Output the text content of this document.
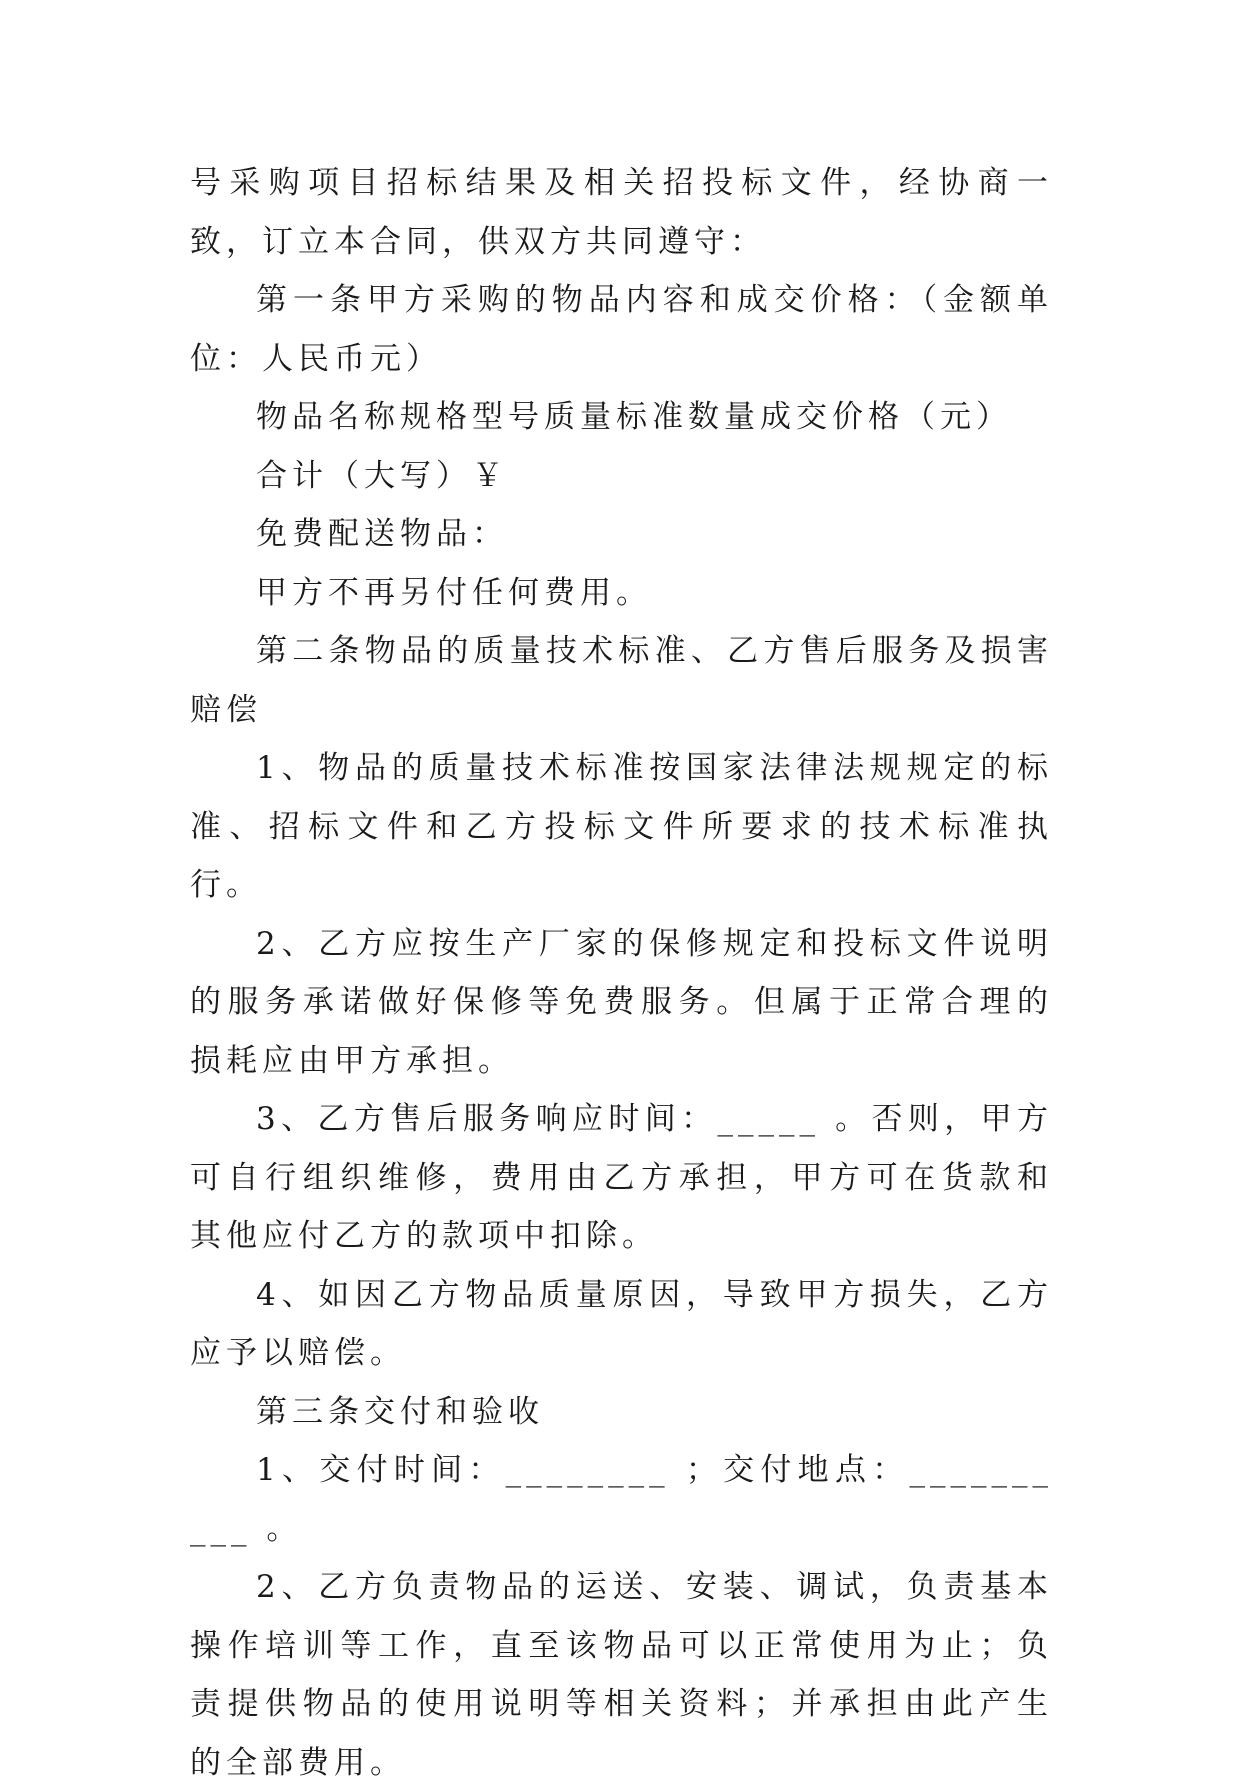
号采购项目招标结果及相关招投标文件，经协商一致，订立本合同，供双方共同遵守：

第一条甲方采购的物品内容和成交价格：（金额单位：人民币元）

物品名称规格型号质量标准数量成交价格（元）

合计（大写）￥

免费配送物品：

甲方不再另付任何费用。

第二条物品的质量技术标准、乙方售后服务及损害赔偿

1、物品的质量技术标准按国家法律法规规定的标准、招标文件和乙方投标文件所要求的技术标准执行。

2、乙方应按生产厂家的保修规定和投标文件说明的服务承诺做好保修等免费服务。但属于正常合理的损耗应由甲方承担。

3、乙方售后服务响应时间：_____ 。否则，甲方可自行组织维修，费用由乙方承担，甲方可在货款和其他应付乙方的款项中扣除。

4、如因乙方物品质量原因，导致甲方损失，乙方应予以赔偿。

第三条交付和验收

1、交付时间：________ ；交付地点：__________ 。

2、乙方负责物品的运送、安装、调试，负责基本操作培训等工作，直至该物品可以正常使用为止；负责提供物品的使用说明等相关资料；并承担由此产生的全部费用。
